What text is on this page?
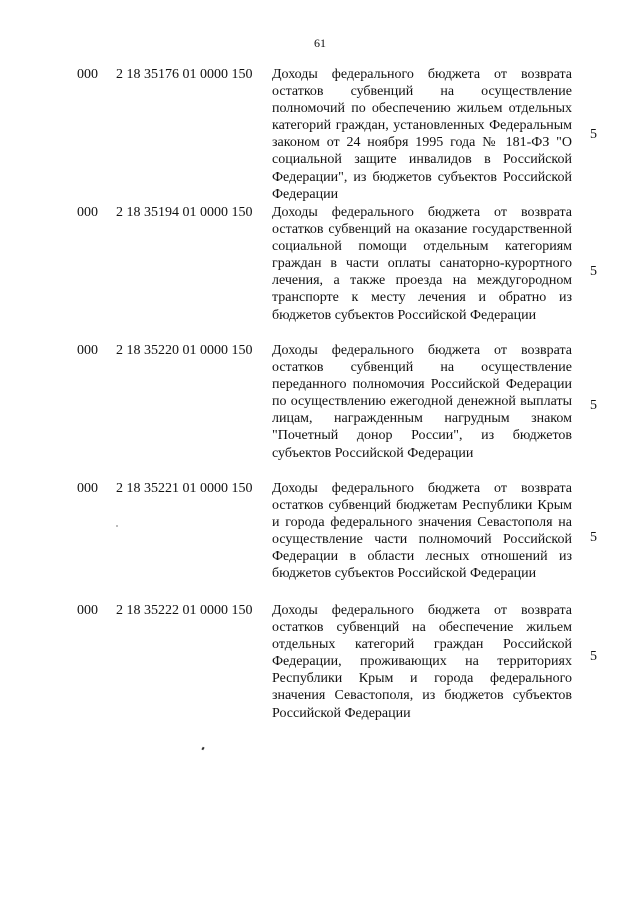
61
000 2 18 35176 01 0000 150 Доходы федерального бюджета от возврата остатков субвенций на осуществление полномочий по обеспечению жильем отдельных категорий граждан, установленных Федеральным законом от 24 ноября 1995 года № 181-ФЗ "О социальной защите инвалидов в Российской Федерации", из бюджетов субъектов Российской Федерации
5
000 2 18 35194 01 0000 150 Доходы федерального бюджета от возврата остатков субвенций на оказание государственной социальной помощи отдельным категориям граждан в части оплаты санаторно-курортного лечения, а также проезда на междугородном транспорте к месту лечения и обратно из бюджетов субъектов Российской Федерации
5
000 2 18 35220 01 0000 150 Доходы федерального бюджета от возврата остатков субвенций на осуществление переданного полномочия Российской Федерации по осуществлению ежегодной денежной выплаты лицам, награжденным нагрудным знаком "Почетный донор России", из бюджетов субъектов Российской Федерации
5
000 2 18 35221 01 0000 150 Доходы федерального бюджета от возврата остатков субвенций бюджетам Республики Крым и города федерального значения Севастополя на осуществление части полномочий Российской Федерации в области лесных отношений из бюджетов субъектов Российской Федерации
5
000 2 18 35222 01 0000 150 Доходы федерального бюджета от возврата остатков субвенций на обеспечение жильем отдельных категорий граждан Российской Федерации, проживающих на территориях Республики Крым и города федерального значения Севастополя, из бюджетов субъектов Российской Федерации
5
